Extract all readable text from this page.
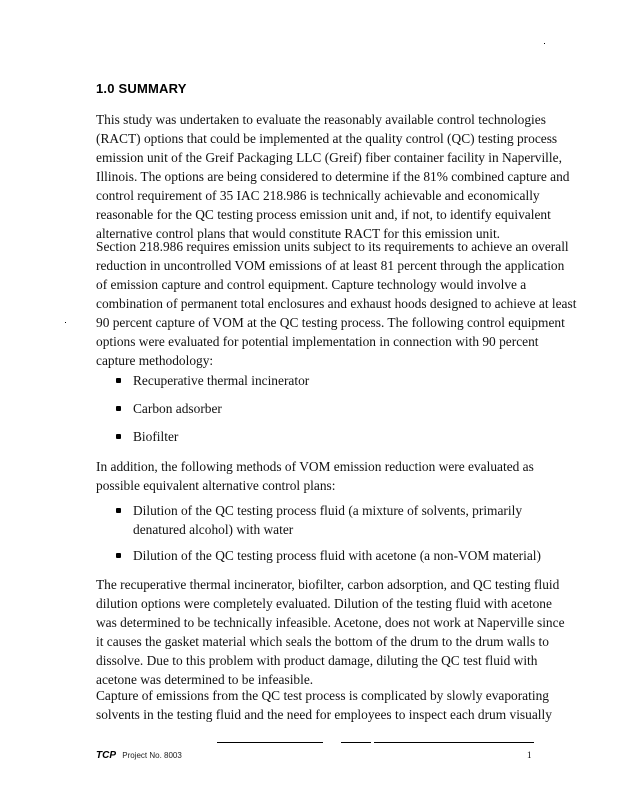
1.0 SUMMARY
This study was undertaken to evaluate the reasonably available control technologies
(RACT) options that could be implemented at the quality control (QC) testing process
emission unit of the Greif Packaging LLC (Greif) fiber container facility in Naperville,
Illinois. The options are being considered to determine if the 81% combined capture and
control requirement of 35 IAC 218.986 is technically achievable and economically
reasonable for the QC testing process emission unit and, if not, to identify equivalent
alternative control plans that would constitute RACT for this emission unit.
Section 218.986 requires emission units subject to its requirements to achieve an overall
reduction in uncontrolled VOM emissions of at least 81 percent through the application
of emission capture and control equipment. Capture technology would involve a
combination of permanent total enclosures and exhaust hoods designed to achieve at least
90 percent capture of VOM at the QC testing process. The following control equipment
options were evaluated for potential implementation in connection with 90 percent
capture methodology:
Recuperative thermal incinerator
Carbon adsorber
Biofilter
In addition, the following methods of VOM emission reduction were evaluated as
possible equivalent alternative control plans:
Dilution of the QC testing process fluid (a mixture of solvents, primarily
denatured alcohol) with water
Dilution of the QC testing process fluid with acetone (a non-VOM material)
The recuperative thermal incinerator, biofilter, carbon adsorption, and QC testing fluid
dilution options were completely evaluated. Dilution of the testing fluid with acetone
was determined to be technically infeasible. Acetone, does not work at Naperville since
it causes the gasket material which seals the bottom of the drum to the drum walls to
dissolve. Due to this problem with product damage, diluting the QC test fluid with
acetone was determined to be infeasible.
Capture of emissions from the QC test process is complicated by slowly evaporating
solvents in the testing fluid and the need for employees to inspect each drum visually
TCP Project No. 8003	1
